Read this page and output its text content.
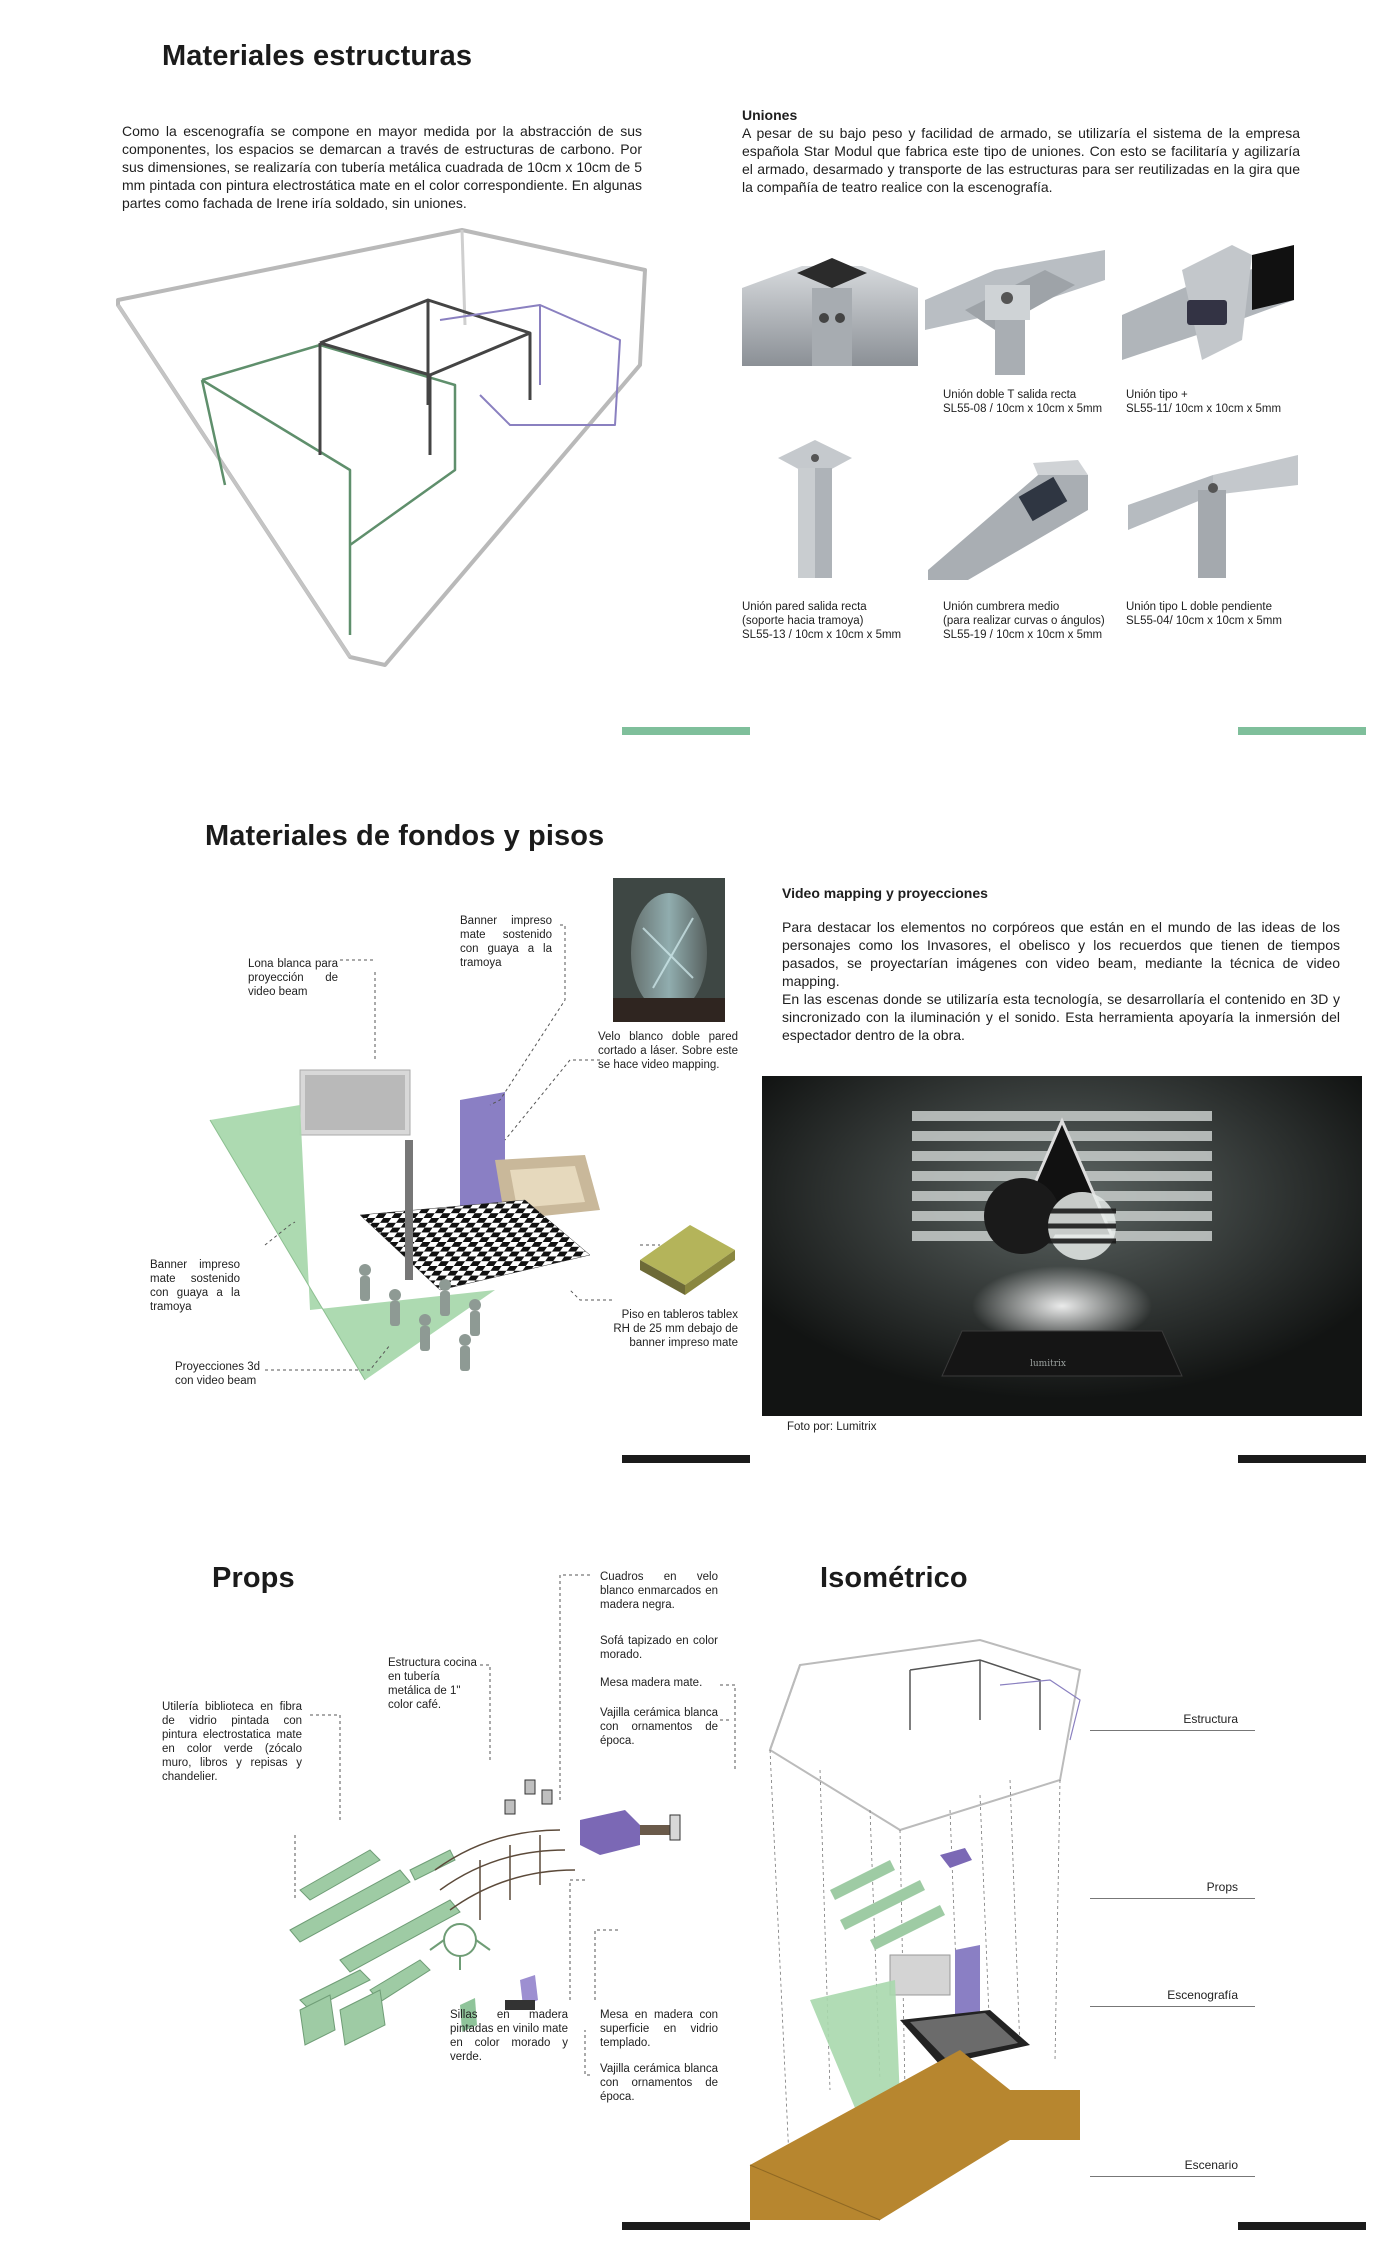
Materiales estructuras
Como la escenografía se compone en mayor medida por la abstracción de sus componentes, los espacios se demarcan a través de estructuras de carbono. Por sus dimensiones, se realizaría con tubería metálica cuadrada de 10cm x 10cm de 5 mm pintada con pintura electrostática mate en el color correspondiente. En algunas partes como fachada de Irene iría soldado, sin uniones.
Uniones
A pesar de su bajo peso y facilidad de armado, se utilizaría el sistema de la empresa española Star Modul que fabrica este tipo de uniones. Con esto se facilitaría y agilizaría el armado, desarmado y transporte de las estructuras para ser reutilizadas en la gira que la compañía de teatro realice con la escenografía.
Unión doble T salida recta
SL55-08 / 10cm x 10cm x 5mm
Unión tipo +
SL55-11/ 10cm x 10cm x 5mm
Unión pared salida recta
(soporte hacia tramoya)
SL55-13 / 10cm x 10cm x 5mm
Unión cumbrera medio
(para realizar curvas o ángulos)
SL55-19 / 10cm x 10cm x 5mm
Unión tipo L doble pendiente
SL55-04/ 10cm x 10cm x 5mm
Materiales de fondos y pisos
Banner impreso mate sostenido con guaya a la tramoya
Lona blanca para proyección de video beam
Velo blanco doble pared cortado a láser. Sobre este se hace video mapping.
Banner impreso mate sostenido con guaya a la tramoya
Proyecciones 3d con video beam
Piso en tableros tablex RH de 25 mm debajo de banner impreso mate
Video mapping y proyecciones
Para destacar los elementos no corpóreos que están en el mundo de las ideas de los personajes como los Invasores, el obelisco y los recuerdos que tienen de tiempos pasados, se proyectarían imágenes con video beam, mediante la técnica de video mapping.
En las escenas donde se utilizaría esta tecnología, se desarrollaría el contenido en 3D y sincronizado con la iluminación y el sonido. Esta herramienta apoyaría la inmersión del espectador dentro de la obra.
lumitrix
Foto por: Lumitrix
Props	Isométrico
Cuadros en velo blanco enmarcados en madera negra.
Sofá tapizado en color morado.
Mesa madera mate.
Vajilla cerámica blanca con ornamentos de época.
Estructura cocina en tubería metálica de 1" color café.
Utilería biblioteca en fibra de vidrio pintada con pintura electrostatica mate en color verde (zócalo muro, libros y repisas y chandelier.
Sillas en madera pintadas en vinilo mate en color morado y verde.
Mesa en madera con superficie en vidrio templado.
Vajilla cerámica blanca con ornamentos de época.
Estructura
Props
Escenografía
Escenario
